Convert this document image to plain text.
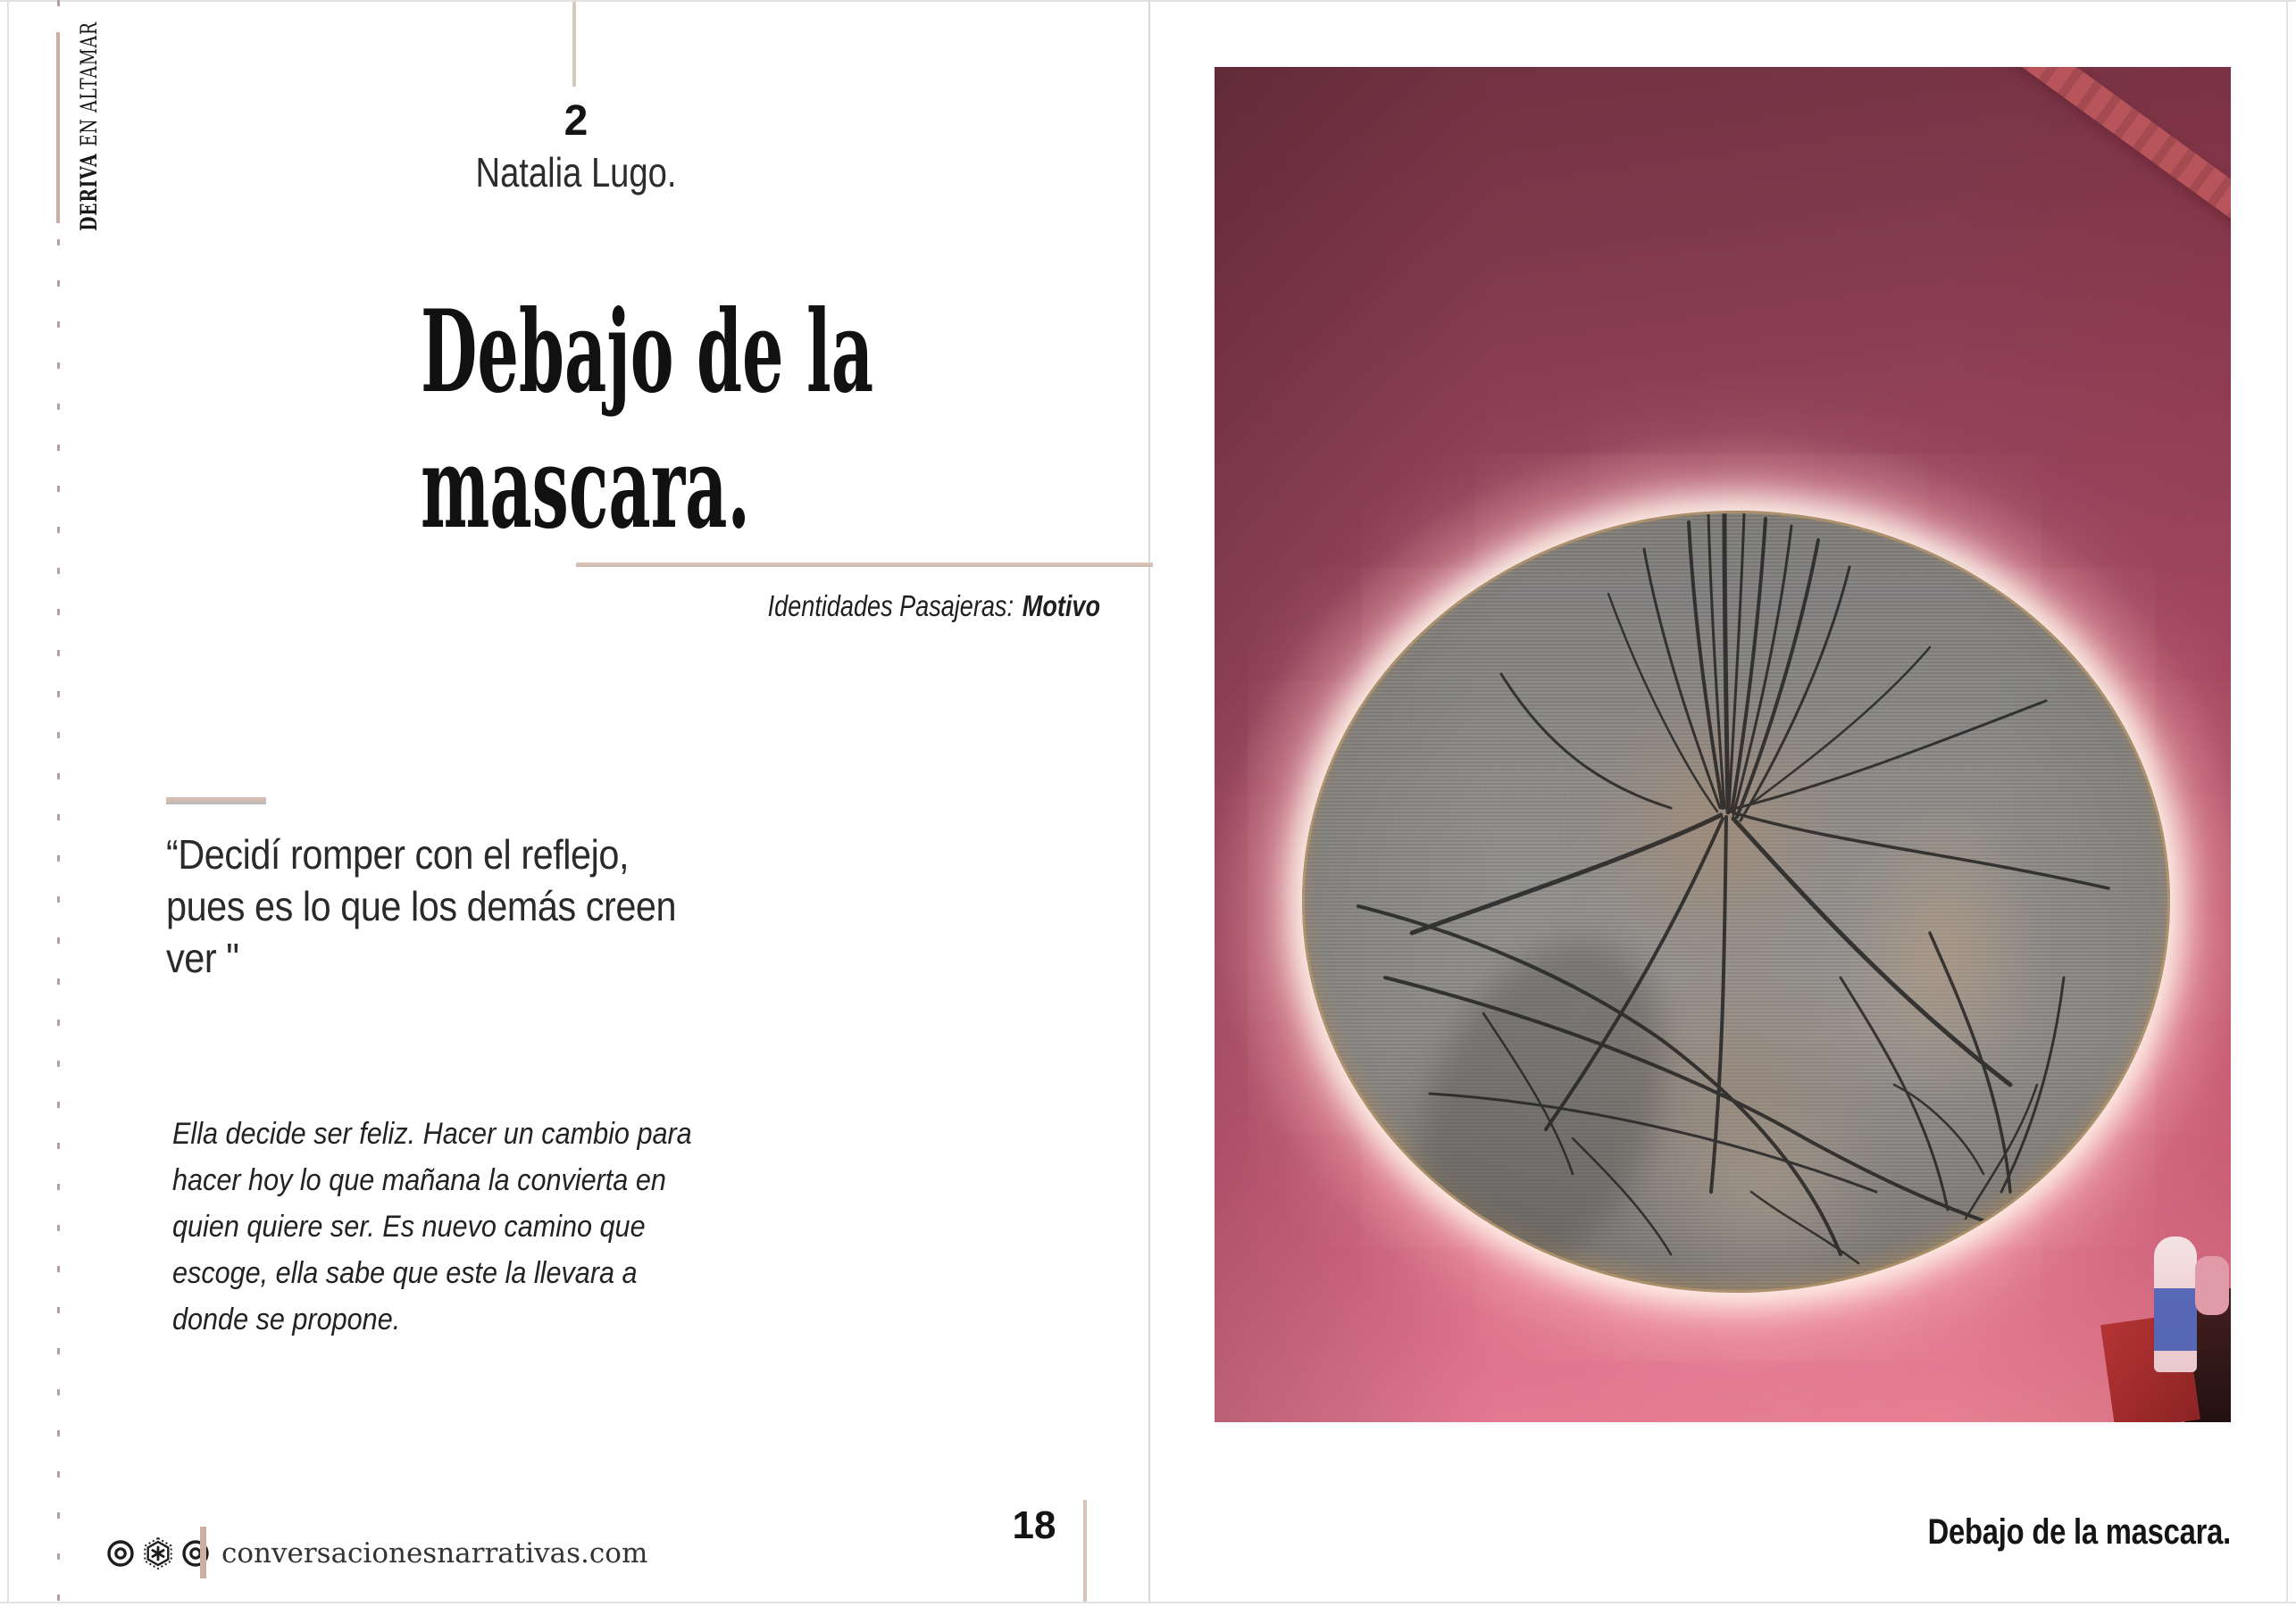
DERIVAEN ALTAMAR	2
Natalia Lugo.
Debajo de la
mascara.
Identidades Pasajeras: Motivo
“Decidí romper con el reflejo,
pues es lo que los demás creen
ver "
Ella decide ser feliz. Hacer un cambio para
hacer hoy lo que mañana la convierta en
quien quiere ser. Es nuevo camino que
escoge, ella sabe que este la llevara a
donde se propone.
18
conversacionesnarrativas.com
Debajo de la mascara.
